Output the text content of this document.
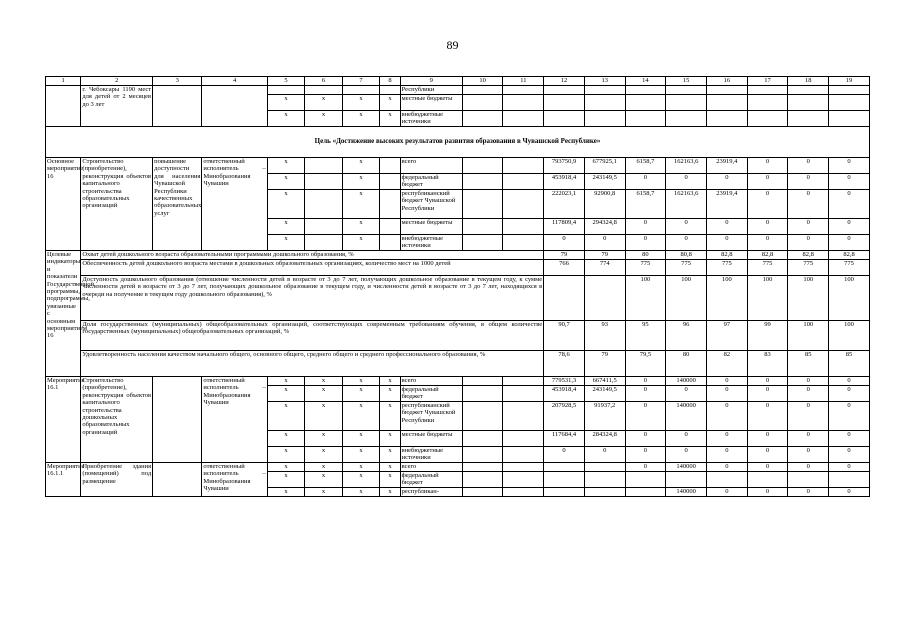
89
1	2	3	4	5	6	7	8	9	10	11	12	13	14	15	16	17	18	19
	г. Чебоксары 1190 мест для детей от 2 месяцев до 3 лет							Республики										
				x	x	x	x	местные бюджеты										
				x	x	x	x	внебюджетные источники										
Цель «Достижение высоких результатов развития образования в Чувашской Республике»																		
Основное мероприятие 16	Строительство (приобретение), реконструкция объектов капитального строительства образовательных организаций	повышение доступности для населения Чувашской Республики качественных образовательных услуг	ответственный исполнитель – Минобразования Чувашии	x		x		всего			793750,9	677925,1	6158,7	162163,6	23919,4	0	0	0
				x		x		федеральный бюджет			453918,4	243149,5	0	0	0	0	0	0
				x		x		республиканский бюджет Чувашской Республики			222023,1	92900,8	6158,7	162163,6	23919,4	0	0	0
				x		x		местные бюджеты			117809,4	294324,8	0	0	0	0	0	0
				x		x		внебюджетные источники			0	0	0	0	0	0	0	0
Целевые индикаторы и показатели Государственной программы, подпрограммы, увязанные с основным мероприятием 16	Охват детей дошкольного возраста образовательными программами дошкольного образования, %										79	79	80	80,8	82,8	82,8	82,8	82,8
	Обеспеченность детей дошкольного возраста местами в дошкольных образовательных организациях, количество мест на 1000 детей										766	774	775	775	775	775	775	775
	Доступность дошкольного образования (отношение численности детей в возрасте от 3 до 7 лет, получающих дошкольное образование в текущем году, к сумме численности детей в возрасте от 3 до 7 лет, получающих дошкольное образование в текущем году, и численности детей в возрасте от 3 до 7 лет, находящихся в очереди на получение в текущем году дошкольного образования), %												100	100	100	100	100	100
	Доля государственных (муниципальных) общеобразовательных организаций, соответствующих современным требованиям обучения, в общем количестве государственных (муниципальных) общеобразовательных организаций, %										90,7	93	95	96	97	99	100	100
	Удовлетворенность населения качеством начального общего, основного общего, среднего общего и среднего профессионального образования, %										78,6	79	79,5	80	82	83	85	85
Мероприятие 16.1	Строительство (приобретение), реконструкция объектов капитального строительства дошкольных образовательных организаций		ответственный исполнитель – Минобразования Чувашии	x	x	x	x	всего			779531,3	667411,5	0	140000	0	0	0	0
				x	x	x	x	федеральный бюджет			453918,4	243149,5	0	0	0	0	0	0
				x	x	x	x	республиканский бюджет Чувашской Республики			207928,5	91937,2	0	140000	0	0	0	0
				x	x	x	x	местные бюджеты			117684,4	284324,8	0	0	0	0	0	0
				x	x	x	x	внебюджетные источники			0	0	0	0	0	0	0	0
Мероприятие 16.1.1	Приобретение здания (помещений) под размещение		ответственный исполнитель – Минобразования Чувашии	x	x	x	x	всего					0	140000	0	0	0	0
				x	x	x	x	федеральный бюджет										
				x	x	x	x	республикан-						140000	0	0	0	0
